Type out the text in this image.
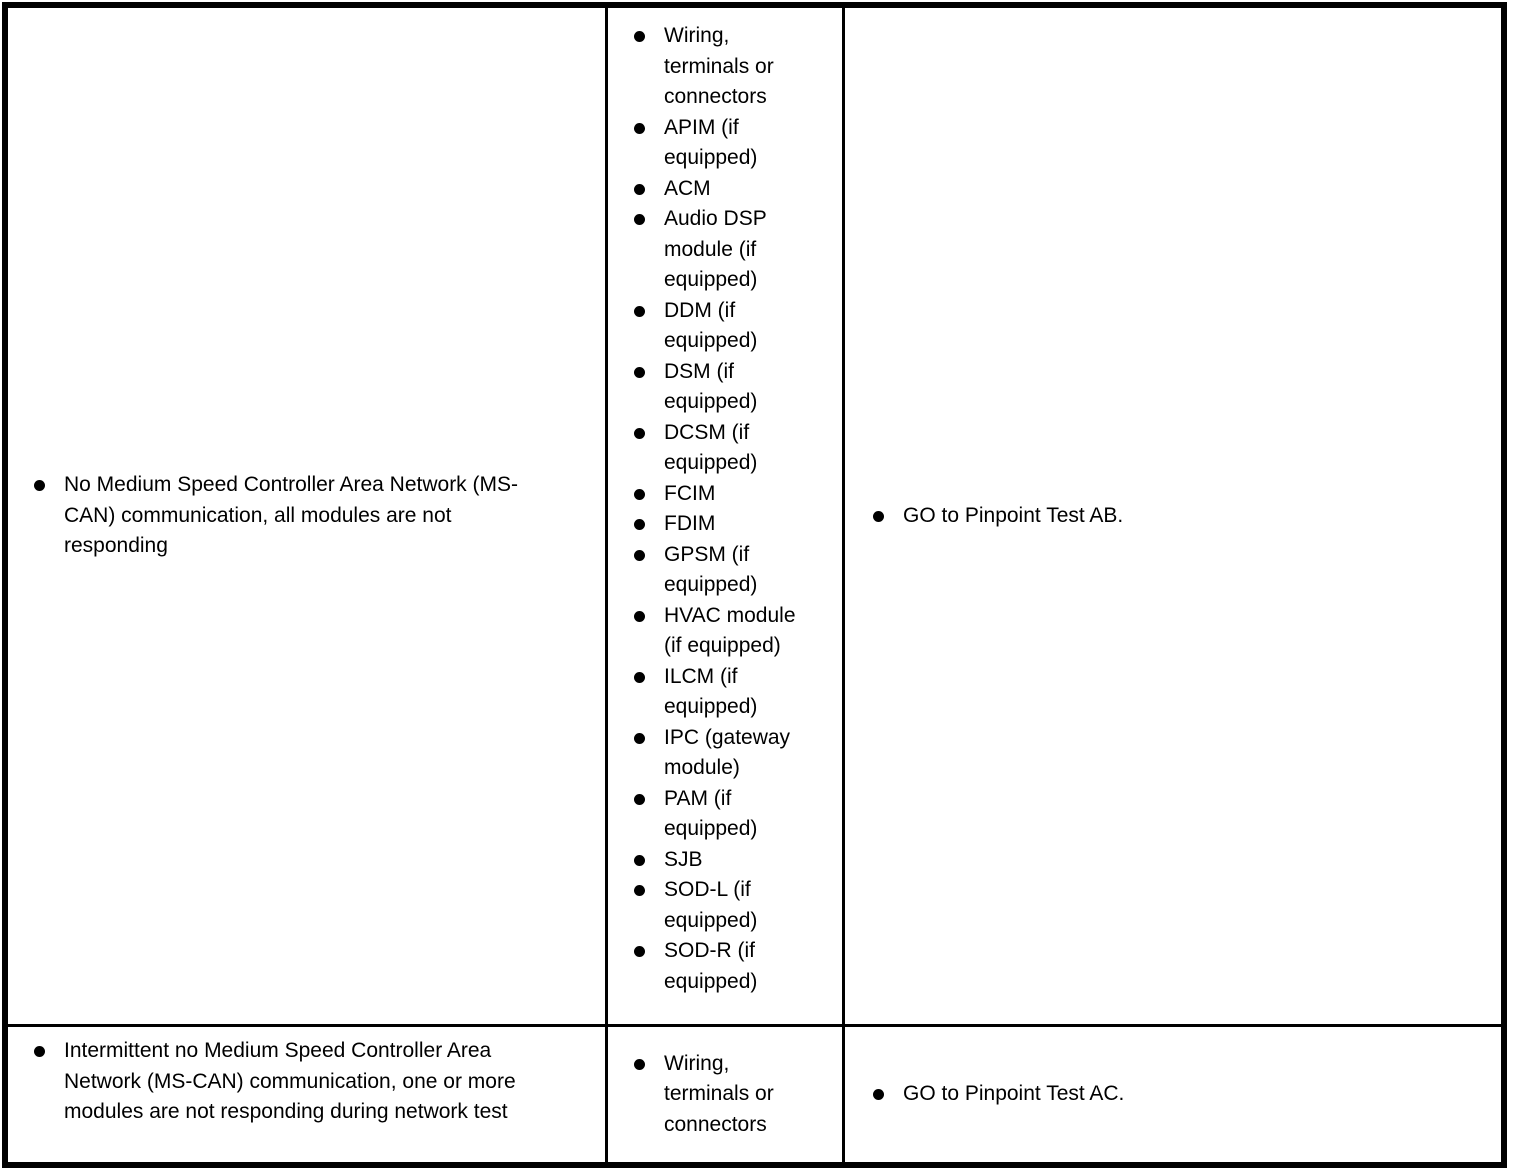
No Medium Speed Controller Area Network (MS-CAN) communication, all modules are not responding
Wiring, terminals or connectors
APIM (if equipped)
ACM
Audio DSP module (if equipped)
DDM (if equipped)
DSM (if equipped)
DCSM (if equipped)
FCIM
FDIM
GPSM (if equipped)
HVAC module (if equipped)
ILCM (if equipped)
IPC (gateway module)
PAM (if equipped)
SJB
SOD-L (if equipped)
SOD-R (if equipped)
GO to Pinpoint Test AB.
Intermittent no Medium Speed Controller Area Network (MS-CAN) communication, one or more modules are not responding during network test
Wiring, terminals or connectors
GO to Pinpoint Test AC.
